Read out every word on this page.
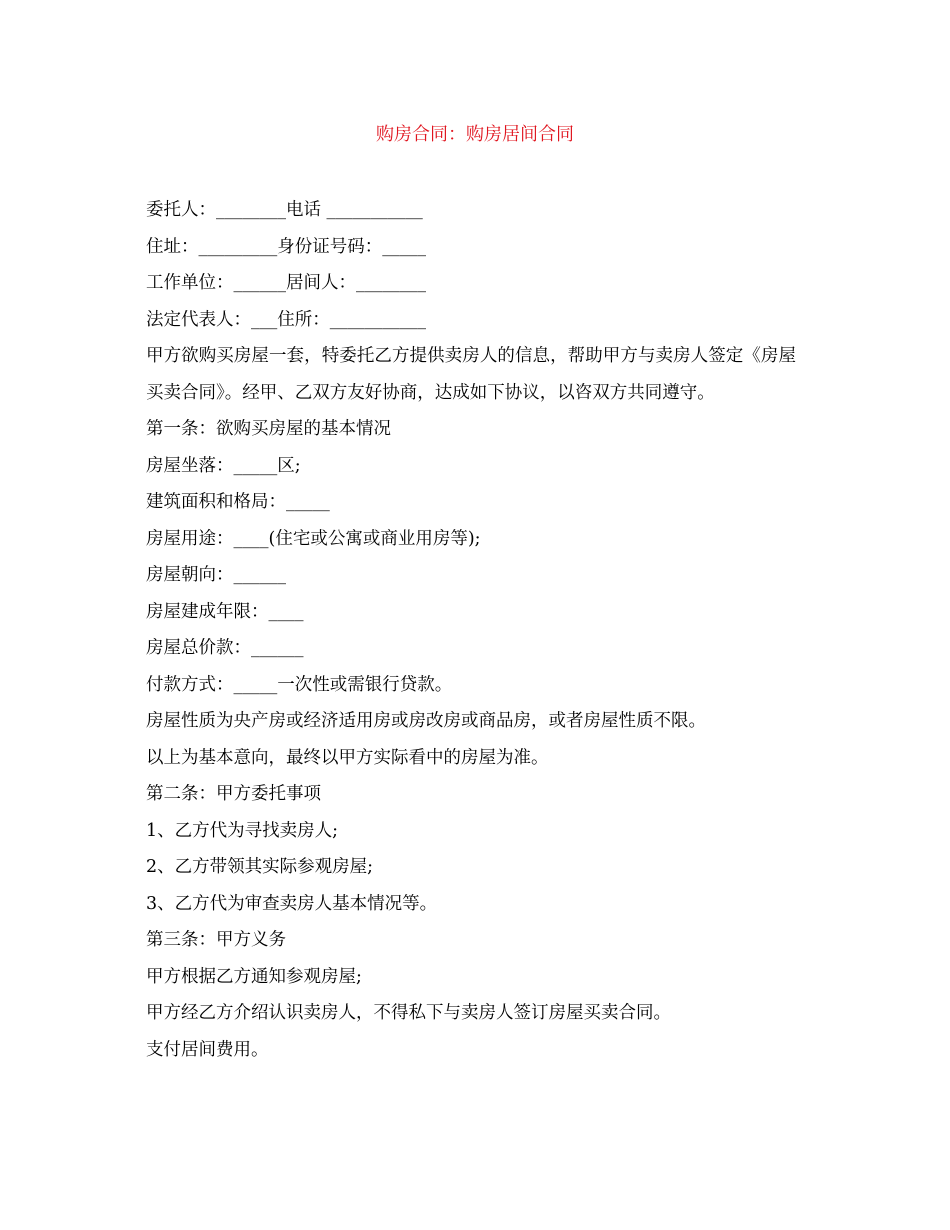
购房合同：购房居间合同
委托人：________电话 ___________
住址：_________身份证号码：_____
工作单位：______居间人：________
法定代表人：___住所：___________
甲方欲购买房屋一套，特委托乙方提供卖房人的信息，帮助甲方与卖房人签定《房屋买卖合同》。经甲、乙双方友好协商，达成如下协议，以咨双方共同遵守。
第一条：欲购买房屋的基本情况
房屋坐落：_____区;
建筑面积和格局：_____
房屋用途：____(住宅或公寓或商业用房等);
房屋朝向：______
房屋建成年限：____
房屋总价款：______
付款方式：_____一次性或需银行贷款。
房屋性质为央产房或经济适用房或房改房或商品房，或者房屋性质不限。
以上为基本意向，最终以甲方实际看中的房屋为准。
第二条：甲方委托事项
1、乙方代为寻找卖房人;
2、乙方带领其实际参观房屋;
3、乙方代为审查卖房人基本情况等。
第三条：甲方义务
甲方根据乙方通知参观房屋;
甲方经乙方介绍认识卖房人，不得私下与卖房人签订房屋买卖合同。
支付居间费用。
